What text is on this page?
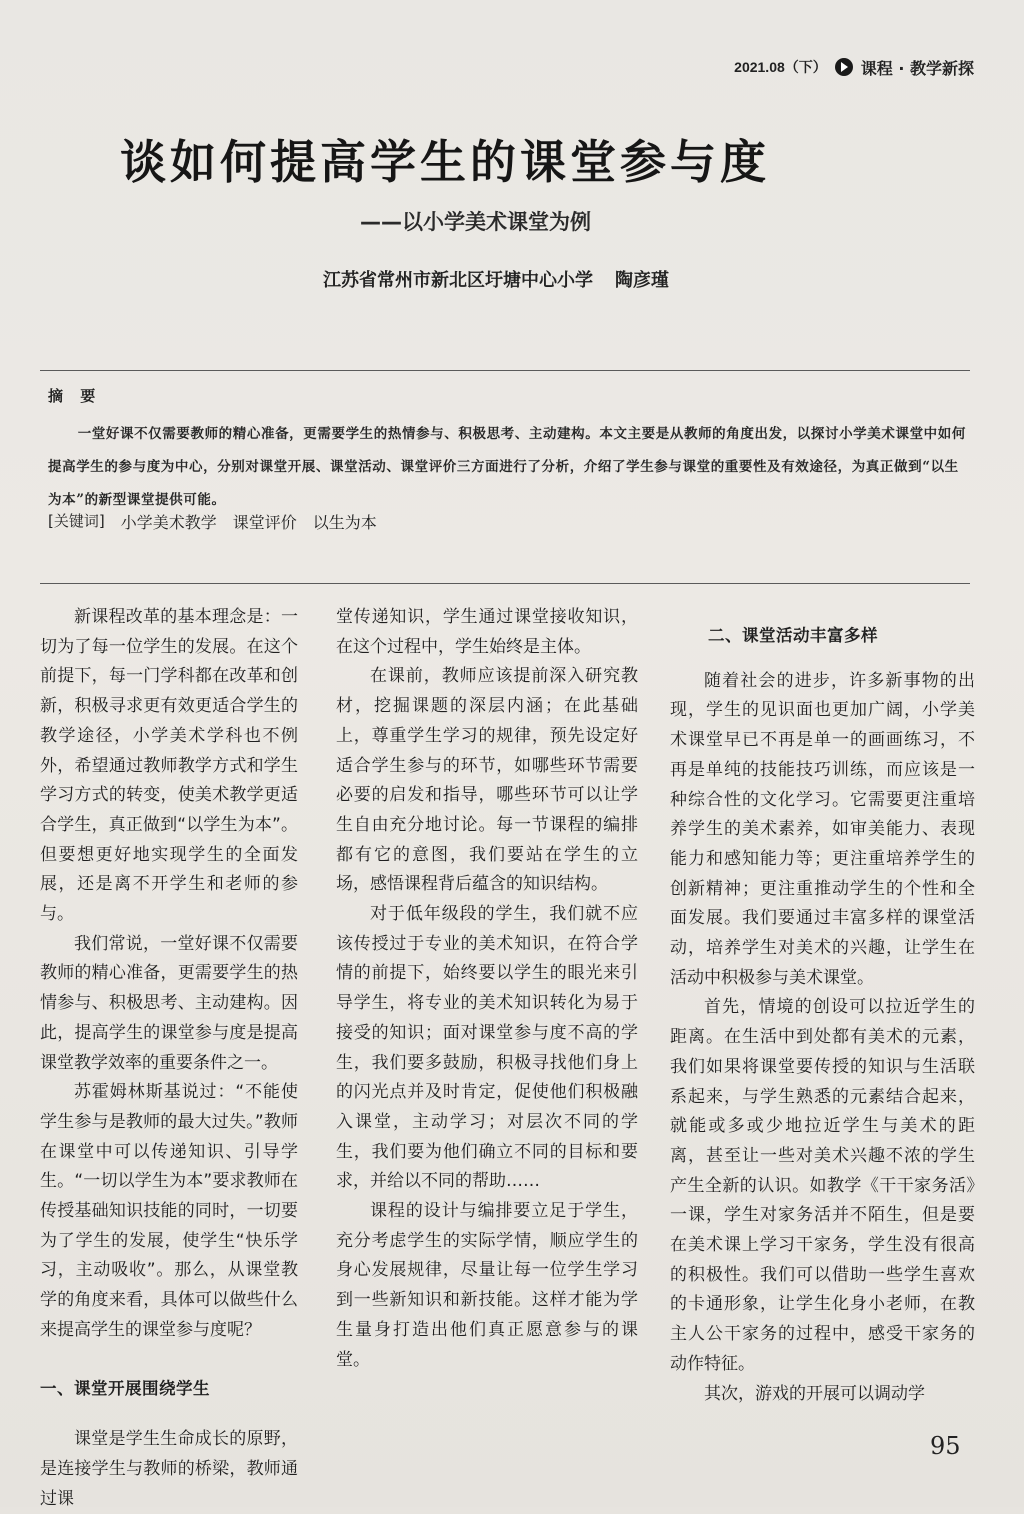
2021.08（下） 课程 · 教学新探
谈如何提高学生的课堂参与度
——以小学美术课堂为例
江苏省常州市新北区圩塘中心小学 陶彦瑾
摘 要
一堂好课不仅需要教师的精心准备，更需要学生的热情参与、积极思考、主动建构。本文主要是从教师的角度出发，以探讨小学美术课堂中如何提高学生的参与度为中心，分别对课堂开展、课堂活动、课堂评价三方面进行了分析，介绍了学生参与课堂的重要性及有效途径，为真正做到“以生为本”的新型课堂提供可能。
[关键词] 小学美术教学 课堂评价 以生为本

新课程改革的基本理念是：一切为了每一位学生的发展。在这个前提下，每一门学科都在改革和创新，积极寻求更有效更适合学生的教学途径，小学美术学科也不例外，希望通过教师教学方式和学生学习方式的转变，使美术教学更适合学生，真正做到“以学生为本”。但要想更好地实现学生的全面发展，还是离不开学生和老师的参与。

我们常说，一堂好课不仅需要教师的精心准备，更需要学生的热情参与、积极思考、主动建构。因此，提高学生的课堂参与度是提高课堂教学效率的重要条件之一。

苏霍姆林斯基说过：“不能使学生参与是教师的最大过失。”教师在课堂中可以传递知识、引导学生。“一切以学生为本”要求教师在传授基础知识技能的同时，一切要为了学生的发展，使学生“快乐学习，主动吸收”。那么，从课堂教学的角度来看，具体可以做些什么来提高学生的课堂参与度呢？

一、课堂开展围绕学生

课堂是学生生命成长的原野，是连接学生与教师的桥梁，教师通过课

堂传递知识，学生通过课堂接收知识，在这个过程中，学生始终是主体。

在课前，教师应该提前深入研究教材，挖掘课题的深层内涵；在此基础上，尊重学生学习的规律，预先设定好适合学生参与的环节，如哪些环节需要必要的启发和指导，哪些环节可以让学生自由充分地讨论。每一节课程的编排都有它的意图，我们要站在学生的立场，感悟课程背后蕴含的知识结构。

对于低年级段的学生，我们就不应该传授过于专业的美术知识，在符合学情的前提下，始终要以学生的眼光来引导学生，将专业的美术知识转化为易于接受的知识；面对课堂参与度不高的学生，我们要多鼓励，积极寻找他们身上的闪光点并及时肯定，促使他们积极融入课堂，主动学习；对层次不同的学生，我们要为他们确立不同的目标和要求，并给以不同的帮助……

课程的设计与编排要立足于学生，充分考虑学生的实际学情，顺应学生的身心发展规律，尽量让每一位学生学习到一些新知识和新技能。这样才能为学生量身打造出他们真正愿意参与的课堂。

二、课堂活动丰富多样

随着社会的进步，许多新事物的出现，学生的见识面也更加广阔，小学美术课堂早已不再是单一的画画练习，不再是单纯的技能技巧训练，而应该是一种综合性的文化学习。它需要更注重培养学生的美术素养，如审美能力、表现能力和感知能力等；更注重培养学生的创新精神；更注重推动学生的个性和全面发展。我们要通过丰富多样的课堂活动，培养学生对美术的兴趣，让学生在活动中积极参与美术课堂。

首先，情境的创设可以拉近学生的距离。在生活中到处都有美术的元素，我们如果将课堂要传授的知识与生活联系起来，与学生熟悉的元素结合起来，就能或多或少地拉近学生与美术的距离，甚至让一些对美术兴趣不浓的学生产生全新的认识。如教学《干干家务活》一课，学生对家务活并不陌生，但是要在美术课上学习干家务，学生没有很高的积极性。我们可以借助一些学生喜欢的卡通形象，让学生化身小老师，在教主人公干家务的过程中，感受干家务的动作特征。

其次，游戏的开展可以调动学

95
